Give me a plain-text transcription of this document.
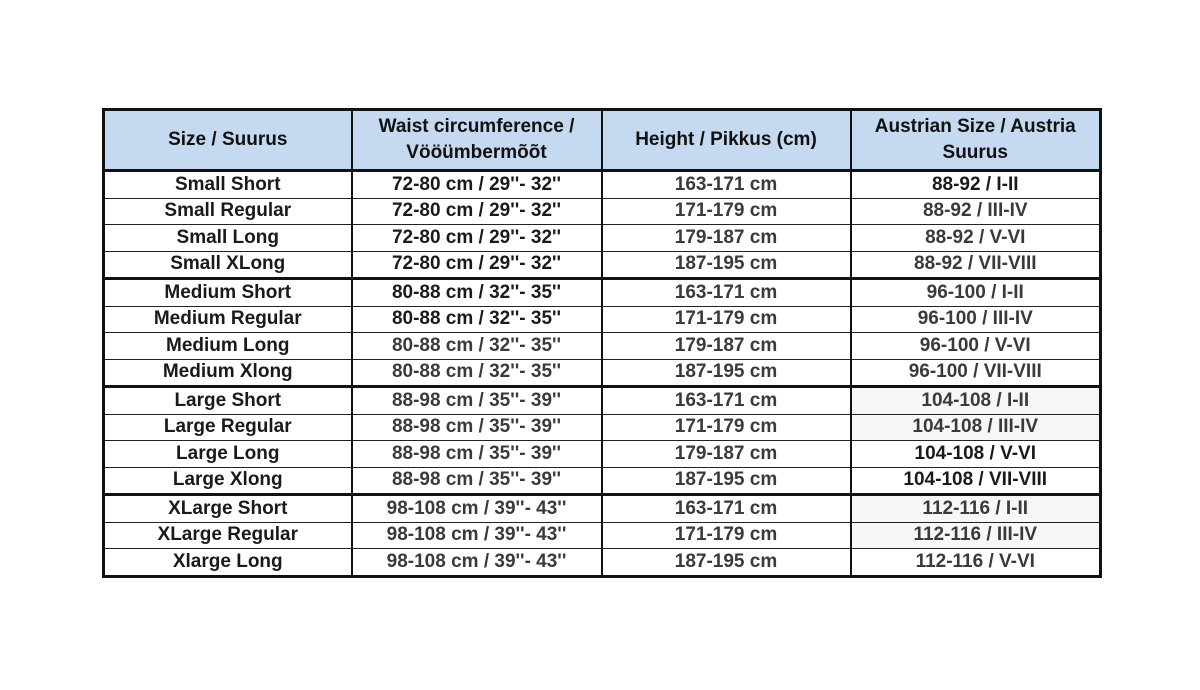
Size / Suurus	Waist circumference / Vööümbermõõt	Height / Pikkus (cm)	Austrian Size / Austria Suurus
Small Short	72-80 cm / 29''- 32''	163-171 cm	88-92 / I-II
Small Regular	72-80 cm / 29''- 32''	171-179 cm	88-92 / III-IV
Small Long	72-80 cm / 29''- 32''	179-187 cm	88-92 / V-VI
Small XLong	72-80 cm / 29''- 32''	187-195 cm	88-92 / VII-VIII
Medium Short	80-88 cm / 32''- 35''	163-171 cm	96-100 / I-II
Medium Regular	80-88 cm / 32''- 35''	171-179 cm	96-100 / III-IV
Medium Long	80-88 cm / 32''- 35''	179-187 cm	96-100 / V-VI
Medium Xlong	80-88 cm / 32''- 35''	187-195 cm	96-100 / VII-VIII
Large Short	88-98 cm / 35''- 39''	163-171 cm	104-108 / I-II
Large Regular	88-98 cm / 35''- 39''	171-179 cm	104-108 / III-IV
Large Long	88-98 cm / 35''- 39''	179-187 cm	104-108 / V-VI
Large Xlong	88-98 cm / 35''- 39''	187-195 cm	104-108 / VII-VIII
XLarge Short	98-108 cm / 39''- 43''	163-171 cm	112-116 / I-II
XLarge Regular	98-108 cm / 39''- 43''	171-179 cm	112-116 / III-IV
Xlarge Long	98-108 cm / 39''- 43''	187-195 cm	112-116 / V-VI
